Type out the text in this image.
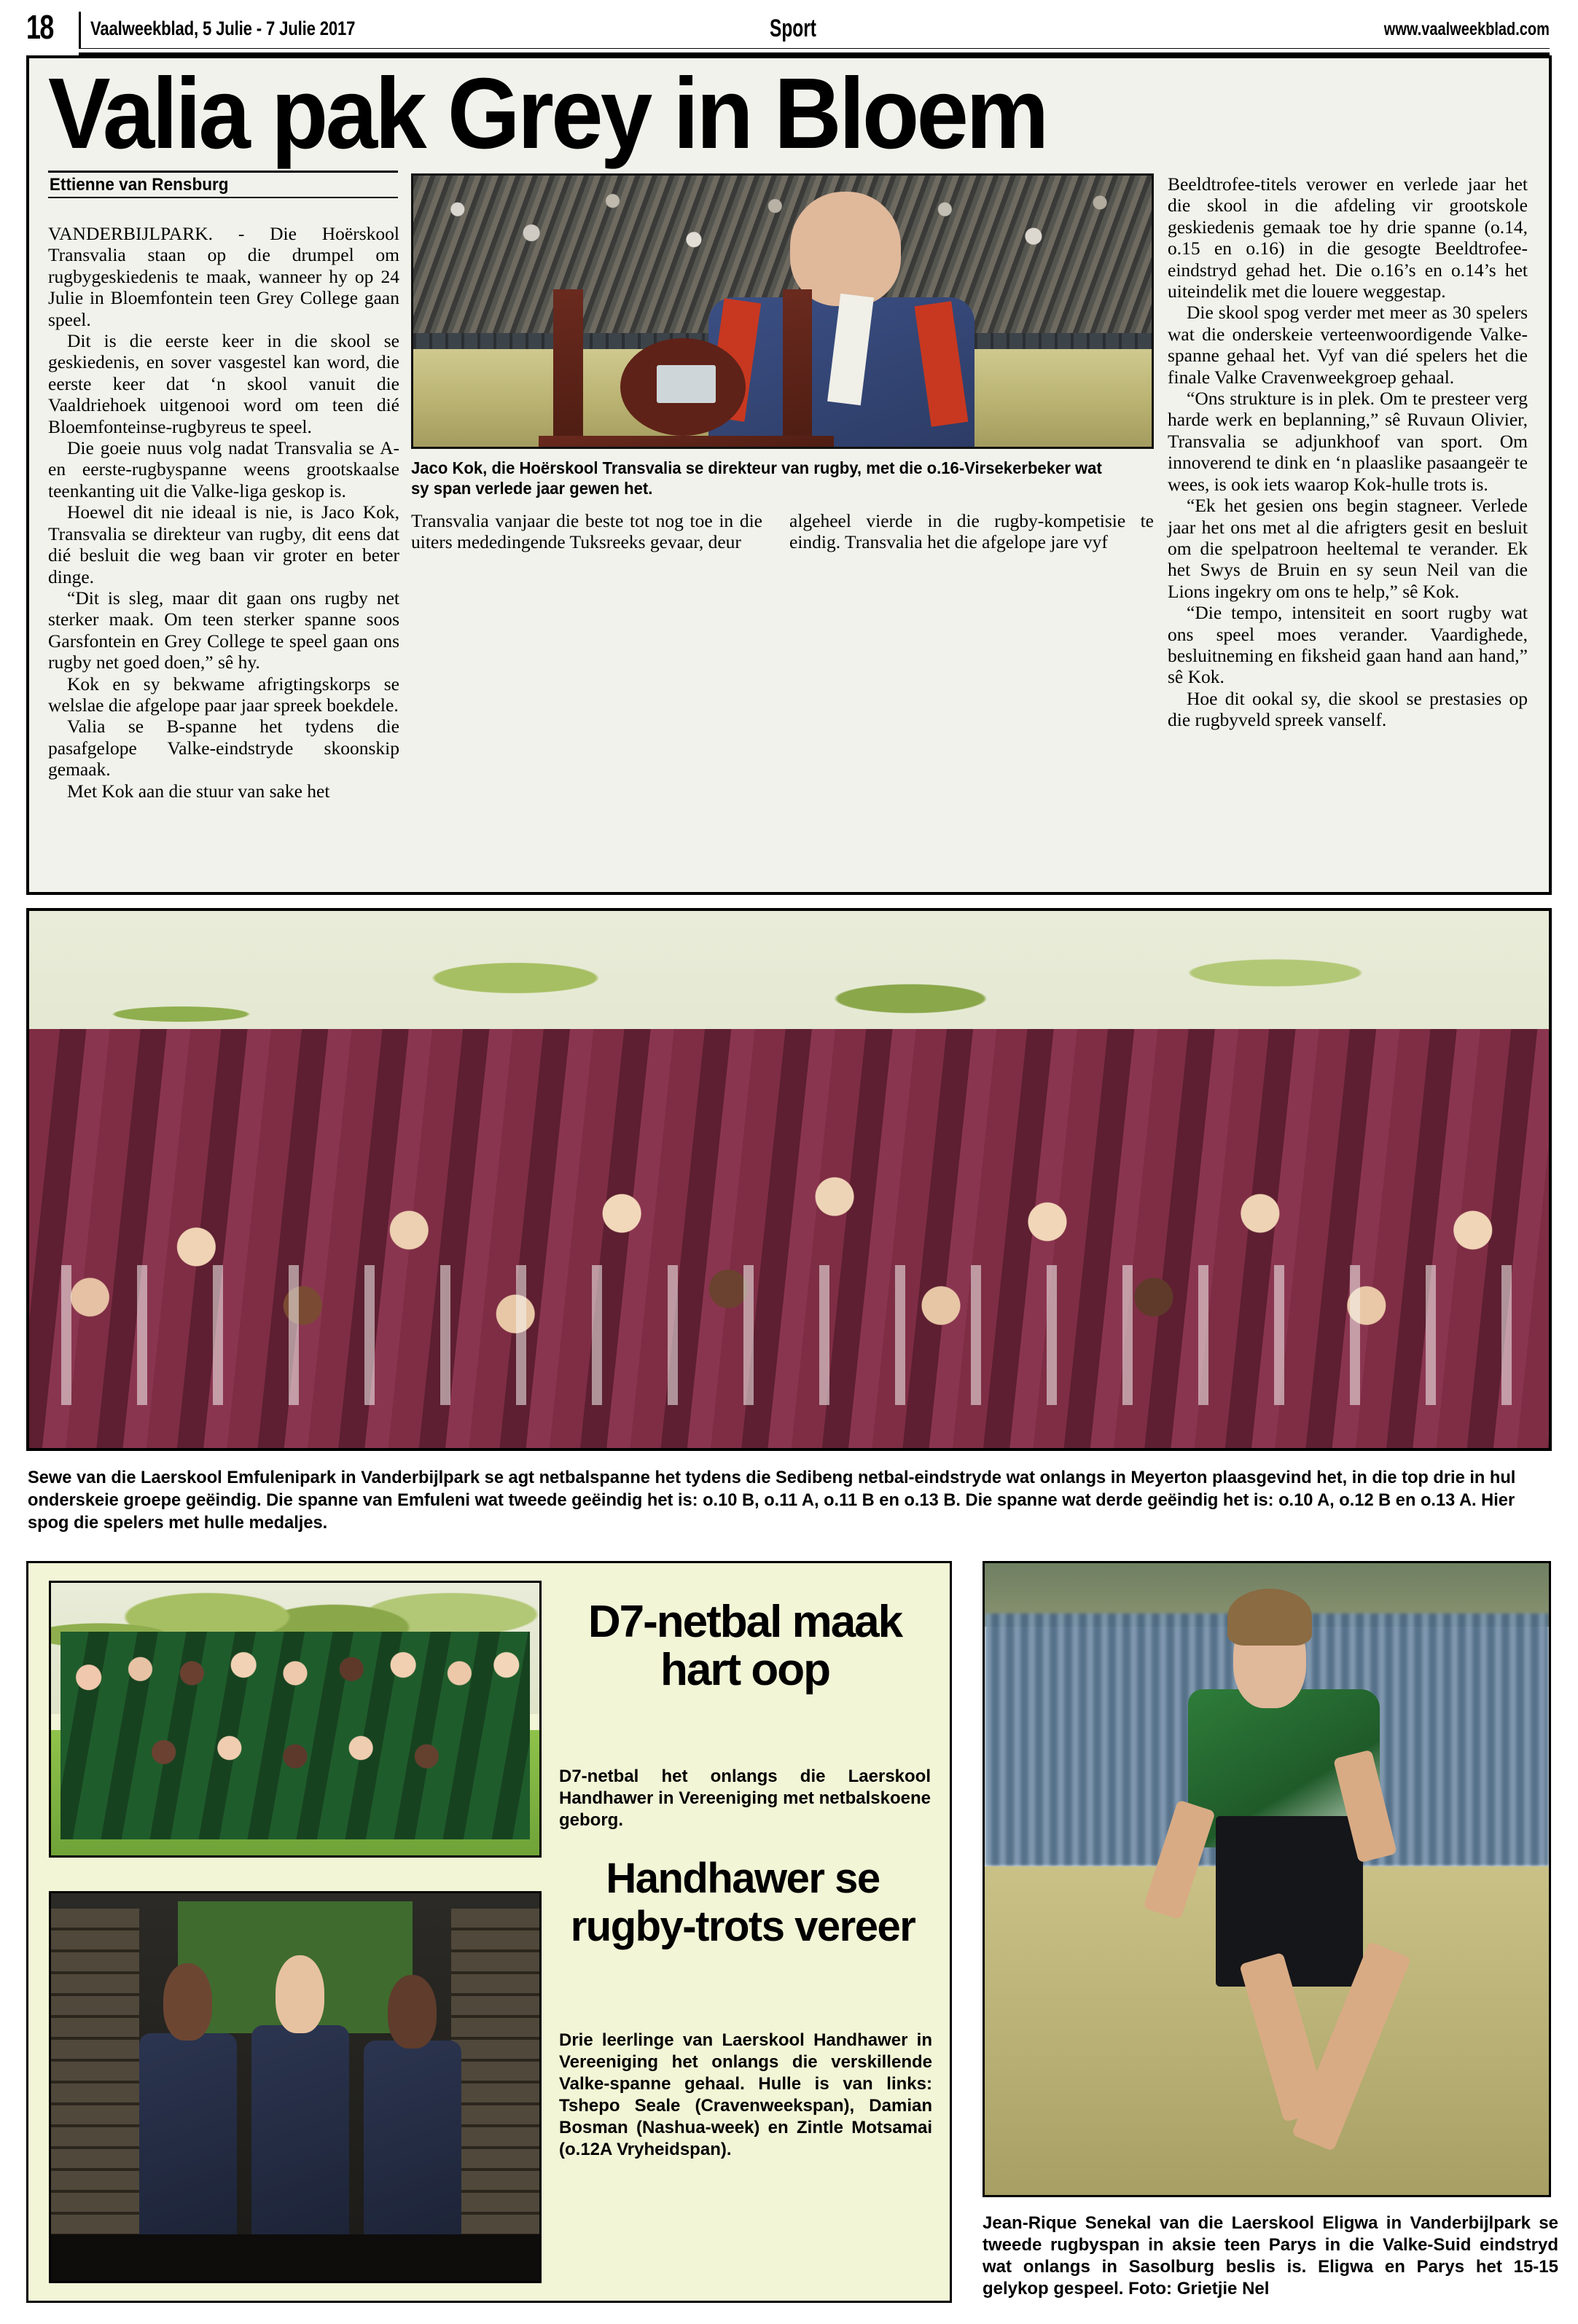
18 Vaalweekblad, 5 Julie - 7 Julie 2017	Sport	www.vaalweekblad.com
Valia pak Grey in Bloem
Ettienne van Rensburg

VANDERBIJLPARK. - Die Hoërskool Transvalia staan op die drumpel om rugbygeskiedenis te maak, wanneer hy op 24 Julie in Bloemfontein teen Grey College gaan speel.

Dit is die eerste keer in die skool se geskiedenis, en sover vasgestel kan word, die eerste keer dat ‘n skool vanuit die Vaaldriehoek uitgenooi word om teen dié Bloemfonteinse-rugbyreus te speel.

Die goeie nuus volg nadat Transvalia se A- en eerste-rugbyspanne weens grootskaalse teenkanting uit die Valke-liga geskop is.

Hoewel dit nie ideaal is nie, is Jaco Kok, Transvalia se direkteur van rugby, dit eens dat dié besluit die weg baan vir groter en beter dinge.

“Dit is sleg, maar dit gaan ons rugby net sterker maak. Om teen sterker spanne soos Garsfontein en Grey College te speel gaan ons rugby net goed doen,” sê hy.

Kok en sy bekwame afrigtingskorps se welslae die afgelope paar jaar spreek boekdele.

Valia se B-spanne het tydens die pasafgelope Valke-eindstryde skoonskip gemaak.

Met Kok aan die stuur van sake het

Jaco Kok, die Hoërskool Transvalia se direkteur van rugby, met die o.16-Virsekerbeker wat sy span verlede jaar gewen het.

Transvalia vanjaar die beste tot nog toe in die uiters mededingende Tuksreeks gevaar, deur

algeheel vierde in die rugby-kompetisie te eindig. Transvalia het die afgelope jare vyf

Beeldtrofee-titels verower en verlede jaar het die skool in die afdeling vir grootskole geskiedenis gemaak toe hy drie spanne (o.14, o.15 en o.16) in die gesogte Beeldtrofee-eindstryd gehad het. Die o.16’s en o.14’s het uiteindelik met die louere weggestap.

Die skool spog verder met meer as 30 spelers wat die onderskeie verteenwoordigende Valke-spanne gehaal het. Vyf van dié spelers het die finale Valke Cravenweekgroep gehaal.

“Ons strukture is in plek. Om te presteer verg harde werk en beplanning,” sê Ruvaun Olivier, Transvalia se adjunkhoof van sport. Om innoverend te dink en ‘n plaaslike pasaangeër te wees, is ook iets waarop Kok-hulle trots is.

“Ek het gesien ons begin stagneer. Verlede jaar het ons met al die afrigters gesit en besluit om die spelpatroon heeltemal te verander. Ek het Swys de Bruin en sy seun Neil van die Lions ingekry om ons te help,” sê Kok.

“Die tempo, intensiteit en soort rugby wat ons speel moes verander. Vaardighede, besluitneming en fiksheid gaan hand aan hand,” sê Kok.

Hoe dit ookal sy, die skool se prestasies op die rugbyveld spreek vanself.

Sewe van die Laerskool Emfulenipark in Vanderbijlpark se agt netbalspanne het tydens die Sedibeng netbal-eindstryde wat onlangs in Meyerton plaasgevind het, in die top drie in hul onderskeie groepe geëindig. Die spanne van Emfuleni wat tweede geëindig het is: o.10 B, o.11 A, o.11 B en o.13 B. Die spanne wat derde geëindig het is: o.10 A, o.12 B en o.13 A. Hier spog die spelers met hulle medaljes.
D7-netbal maak hart oop
D7-netbal het onlangs die Laerskool Handhawer in Vereeniging met netbalskoene geborg.
Handhawer se rugby-trots vereer
Drie leerlinge van Laerskool Handhawer in Vereeniging het onlangs die verskillende Valke-spanne gehaal. Hulle is van links: Tshepo Seale (Cravenweekspan), Damian Bosman (Nashua-week) en Zintle Motsamai (o.12A Vryheidspan).
Jean-Rique Senekal van die Laerskool Eligwa in Vanderbijlpark se tweede rugbyspan in aksie teen Parys in die Valke-Suid eindstryd wat onlangs in Sasolburg beslis is. Eligwa en Parys het 15-15 gelykop gespeel. Foto: Grietjie Nel
